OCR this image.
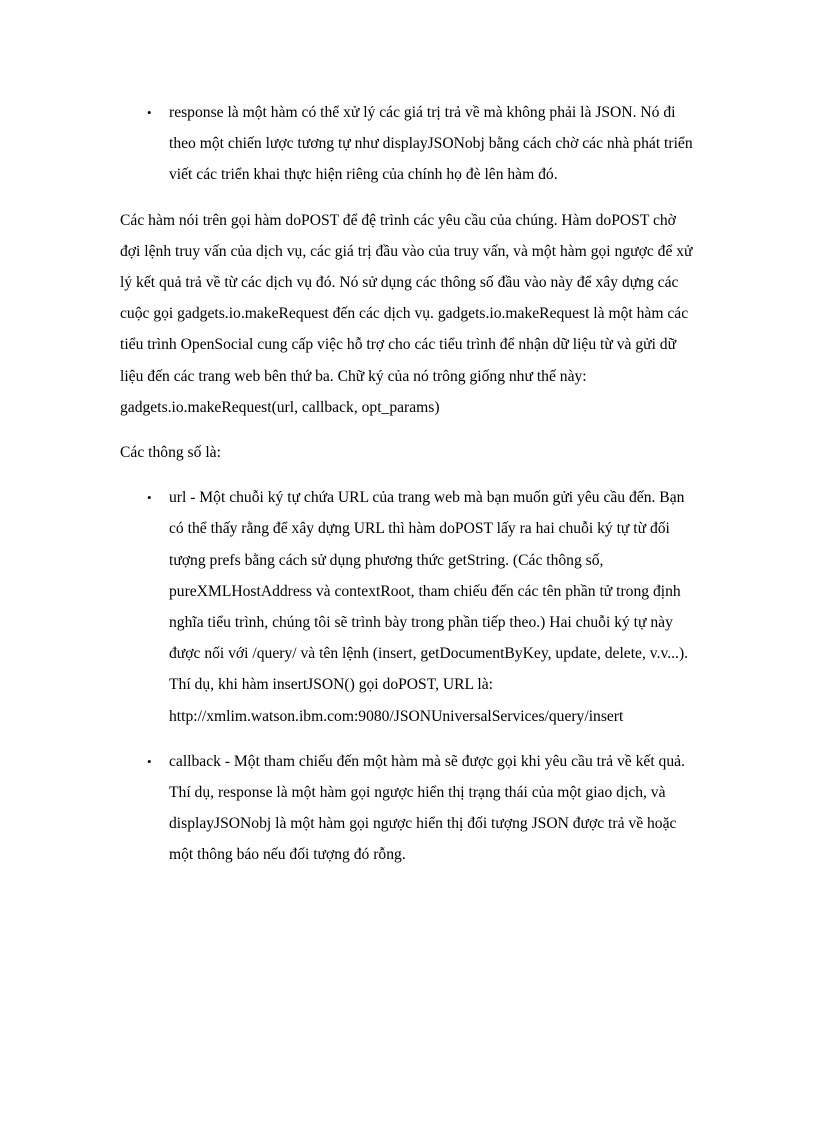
• response là một hàm có thể xử lý các giá trị trả về mà không phải là JSON. Nó đi theo một chiến lược tương tự như displayJSONobj bằng cách chờ các nhà phát triển viết các triển khai thực hiện riêng của chính họ đè lên hàm đó.

Các hàm nói trên gọi hàm doPOST để đệ trình các yêu cầu của chúng. Hàm doPOST chờ đợi lệnh truy vấn của dịch vụ, các giá trị đầu vào của truy vấn, và một hàm gọi ngược để xử lý kết quả trả về từ các dịch vụ đó. Nó sử dụng các thông số đầu vào này để xây dựng các cuộc gọi gadgets.io.makeRequest đến các dịch vụ. gadgets.io.makeRequest là một hàm các tiểu trình OpenSocial cung cấp việc hỗ trợ cho các tiểu trình để nhận dữ liệu từ và gửi dữ liệu đến các trang web bên thứ ba. Chữ ký của nó trông giống như thế này: gadgets.io.makeRequest(url, callback, opt_params)

Các thông số là:

• url - Một chuỗi ký tự chứa URL của trang web mà bạn muốn gửi yêu cầu đến. Bạn có thể thấy rằng để xây dựng URL thì hàm doPOST lấy ra hai chuỗi ký tự từ đối tượng prefs bằng cách sử dụng phương thức getString. (Các thông số, pureXMLHostAddress và contextRoot, tham chiếu đến các tên phần tử trong định nghĩa tiểu trình, chúng tôi sẽ trình bày trong phần tiếp theo.) Hai chuỗi ký tự này được nối với /query/ và tên lệnh (insert, getDocumentByKey, update, delete, v.v...). Thí dụ, khi hàm insertJSON() gọi doPOST, URL là:
http://xmlim.watson.ibm.com:9080/JSONUniversalServices/query/insert
• callback - Một tham chiếu đến một hàm mà sẽ được gọi khi yêu cầu trả về kết quả. Thí dụ, response là một hàm gọi ngược hiển thị trạng thái của một giao dịch, và displayJSONobj là một hàm gọi ngược hiển thị đối tượng JSON được trả về hoặc một thông báo nếu đối tượng đó rỗng.
